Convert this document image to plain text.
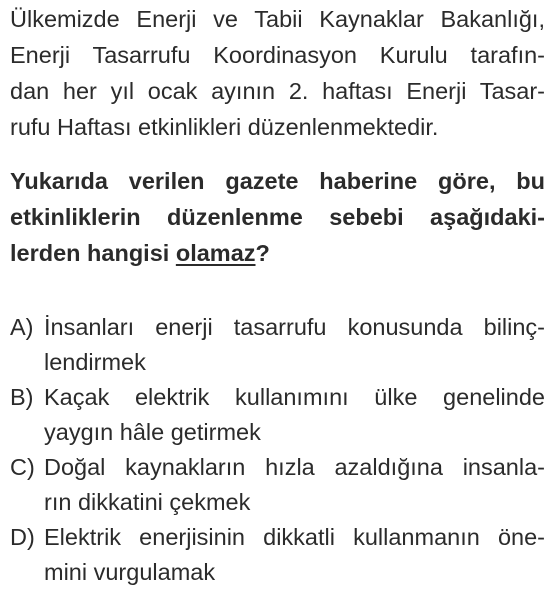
Ülkemizde Enerji ve Tabii Kaynaklar Bakanlığı,
Enerji Tasarrufu Koordinasyon Kurulu tarafın-
dan her yıl ocak ayının 2. haftası Enerji Tasar-
rufu Haftası etkinlikleri düzenlenmektedir.
Yukarıda verilen gazete haberine göre, bu
etkinliklerin düzenlenme sebebi aşağıdaki-
lerden hangisi olamaz?
A) İnsanları enerji tasarrufu konusunda bilinç-
lendirmek
B) Kaçak elektrik kullanımını ülke genelinde
yaygın hâle getirmek
C) Doğal kaynakların hızla azaldığına insanla-
rın dikkatini çekmek
D) Elektrik enerjisinin dikkatli kullanmanın öne-
mini vurgulamak
